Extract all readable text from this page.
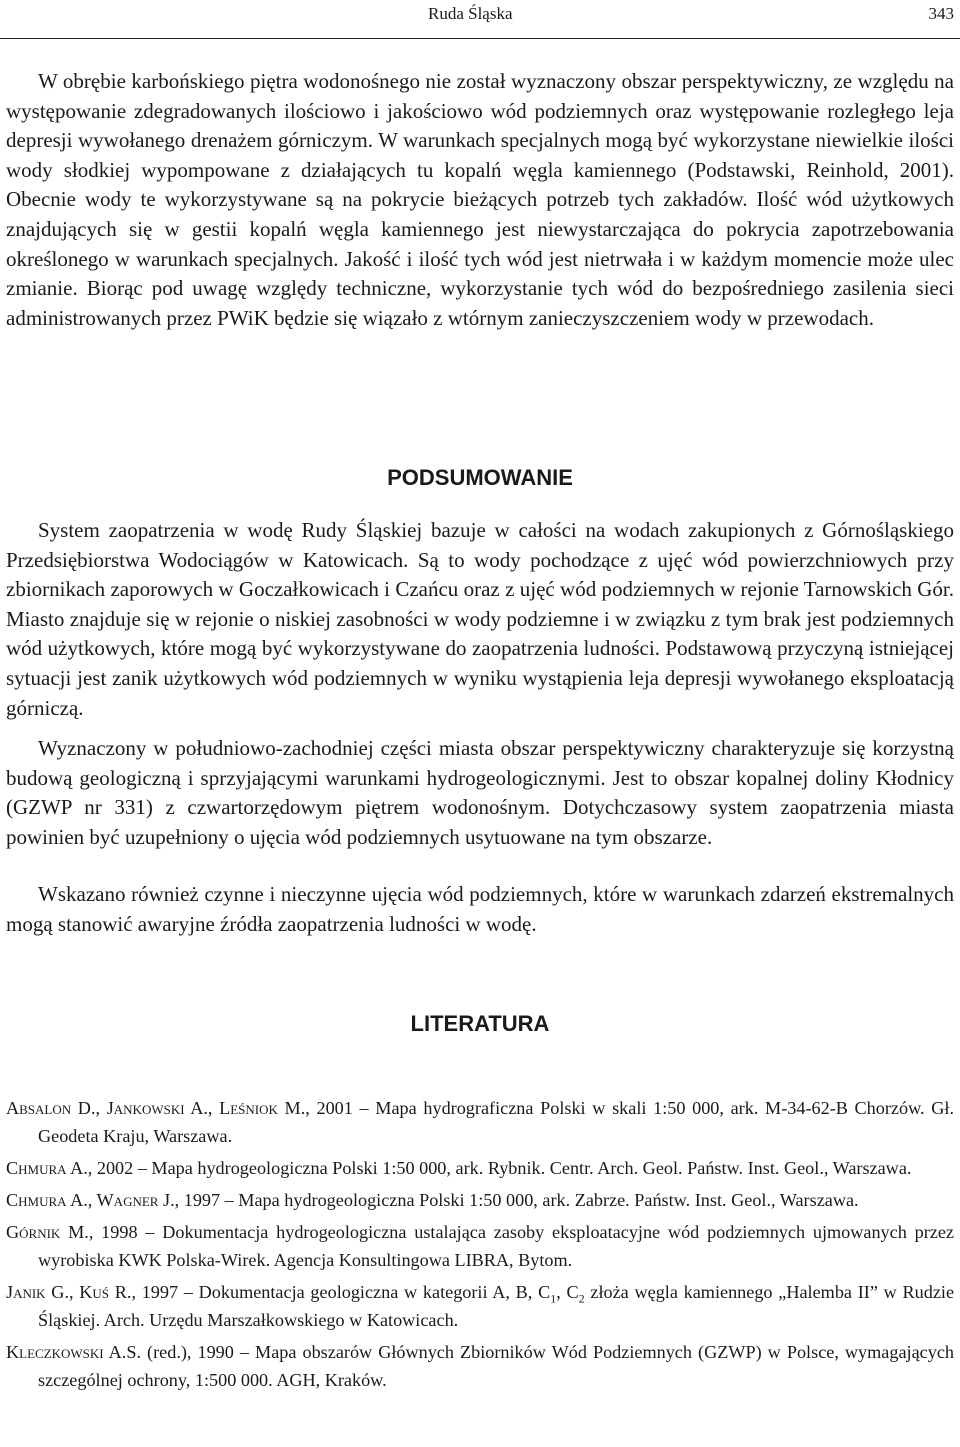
Ruda Śląska	343

W obrębie karbońskiego piętra wodonośnego nie został wyznaczony obszar perspektywiczny, ze względu na występowanie zdegradowanych ilościowo i jakościowo wód podziemnych oraz występowanie rozległego leja depresji wywołanego drenażem górniczym. W warunkach specjalnych mogą być wykorzystane niewielkie ilości wody słodkiej wypompowane z działających tu kopalń węgla kamiennego (Podstawski, Reinhold, 2001). Obecnie wody te wykorzystywane są na pokrycie bieżących potrzeb tych zakładów. Ilość wód użytkowych znajdujących się w gestii kopalń węgla kamiennego jest niewystarczająca do pokrycia zapotrzebowania określonego w warunkach specjalnych. Jakość i ilość tych wód jest nietrwała i w każdym momencie może ulec zmianie. Biorąc pod uwagę względy techniczne, wykorzystanie tych wód do bezpośredniego zasilenia sieci administrowanych przez PWiK będzie się wiązało z wtórnym zanieczyszczeniem wody w przewodach.

PODSUMOWANIE

System zaopatrzenia w wodę Rudy Śląskiej bazuje w całości na wodach zakupionych z Górnośląskiego Przedsiębiorstwa Wodociągów w Katowicach. Są to wody pochodzące z ujęć wód powierzchniowych przy zbiornikach zaporowych w Goczałkowicach i Czańcu oraz z ujęć wód podziemnych w rejonie Tarnowskich Gór. Miasto znajduje się w rejonie o niskiej zasobności w wody podziemne i w związku z tym brak jest podziemnych wód użytkowych, które mogą być wykorzystywane do zaopatrzenia ludności. Podstawową przyczyną istniejącej sytuacji jest zanik użytkowych wód podziemnych w wyniku wystąpienia leja depresji wywołanego eksploatacją górniczą.

Wyznaczony w południowo-zachodniej części miasta obszar perspektywiczny charakteryzuje się korzystną budową geologiczną i sprzyjającymi warunkami hydrogeologicznymi. Jest to obszar kopalnej doliny Kłodnicy (GZWP nr 331) z czwartorzędowym piętrem wodonośnym. Dotychczasowy system zaopatrzenia miasta powinien być uzupełniony o ujęcia wód podziemnych usytuowane na tym obszarze.

Wskazano również czynne i nieczynne ujęcia wód podziemnych, które w warunkach zdarzeń ekstremalnych mogą stanowić awaryjne źródła zaopatrzenia ludności w wodę.

LITERATURA
Absalon D., Jankowski A., Leśniok M., 2001 – Mapa hydrograficzna Polski w skali 1:50 000, ark. M-34-62-B Chorzów. Gł. Geodeta Kraju, Warszawa.
Chmura A., 2002 – Mapa hydrogeologiczna Polski 1:50 000, ark. Rybnik. Centr. Arch. Geol. Państw. Inst. Geol., Warszawa.
Chmura A., Wagner J., 1997 – Mapa hydrogeologiczna Polski 1:50 000, ark. Zabrze. Państw. Inst. Geol., Warszawa.
Górnik M., 1998 – Dokumentacja hydrogeologiczna ustalająca zasoby eksploatacyjne wód podziemnych ujmowanych przez wyrobiska KWK Polska-Wirek. Agencja Konsultingowa LIBRA, Bytom.
Janik G., Kuś R., 1997 – Dokumentacja geologiczna w kategorii A, B, $C_1$, $C_2$ złoża węgla kamiennego „Halemba II” w Rudzie Śląskiej. Arch. Urzędu Marszałkowskiego w Katowicach.
Kleczkowski A.S. (red.), 1990 – Mapa obszarów Głównych Zbiorników Wód Podziemnych (GZWP) w Polsce, wymagających szczególnej ochrony, 1:500 000. AGH, Kraków.
